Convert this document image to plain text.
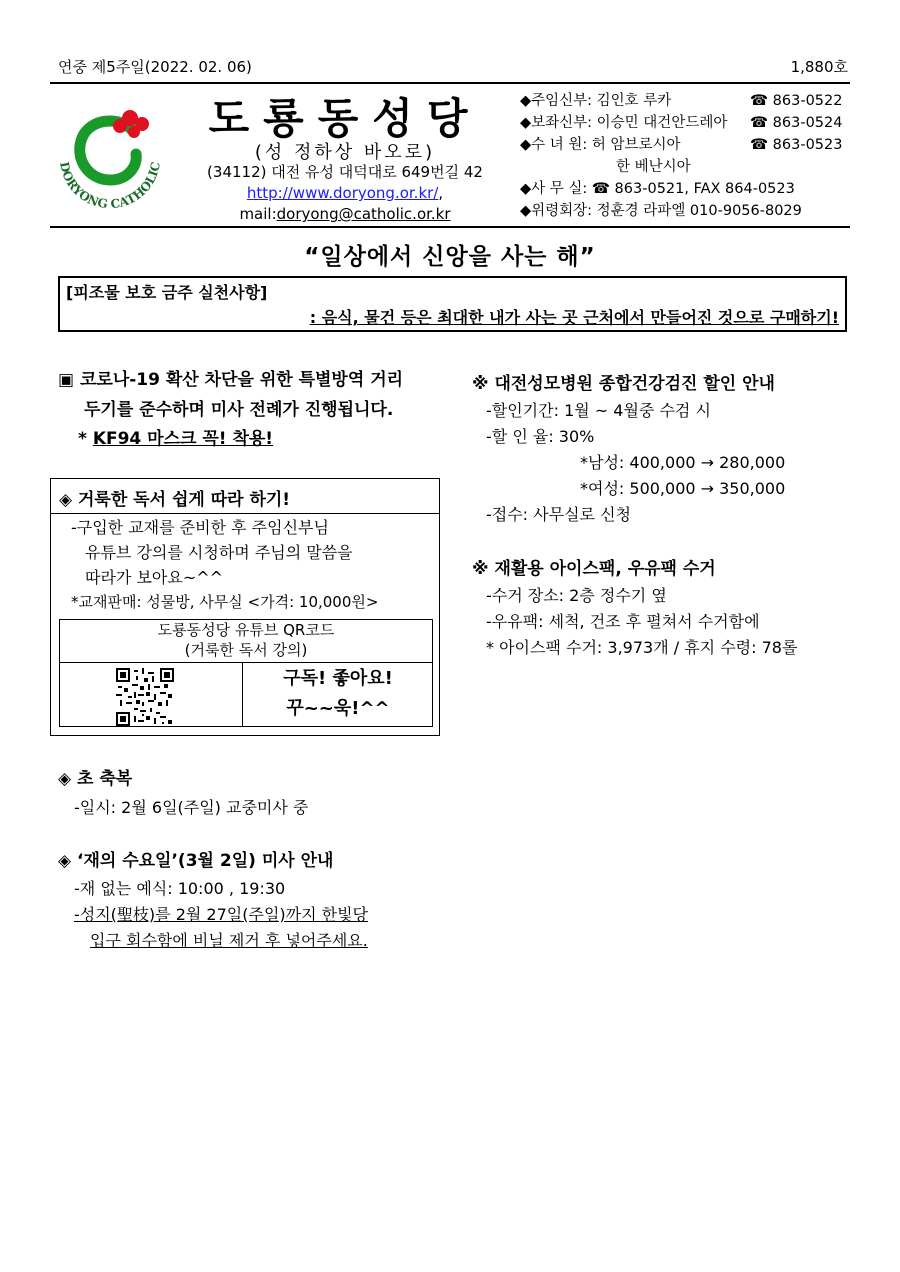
연중 제5주일(2022. 02. 06)	1,880호
DORYONG CATHOLIC
도룡동성당
(성 정하상 바오로)
(34112) 대전 유성 대덕대로 649번길 42
http://www.doryong.or.kr/,
mail:doryong@catholic.or.kr
◆주임신부: 김인호 루카	☎ 863-0522
◆보좌신부: 이승민 대건안드레아 ☎ 863-0524
◆수 녀 원: 허 암브로시아	☎ 863-0523
한 베난시아
◆사 무 실: ☎ 863-0521, FAX 864-0523
◆위령회장: 정훈경 라파엘 010-9056-8029
“일상에서 신앙을 사는 해”
[피조물 보호 금주 실천사항]
: 음식, 물건 등은 최대한 내가 사는 곳 근처에서 만들어진 것으로 구매하기!
▣ 코로나-19 확산 차단을 위한 특별방역 거리
두기를 준수하며 미사 전례가 진행됩니다.
* KF94 마스크 꼭! 착용!
◈ 거룩한 독서 쉽게 따라 하기!
-구입한 교재를 준비한 후 주임신부님
유튜브 강의를 시청하며 주님의 말씀을
따라가 보아요~^^
*교재판매: 성물방, 사무실 <가격: 10,000원>
도룡동성당 유튜브 QR코드
(거룩한 독서 강의)
구독! 좋아요!
꾸~~욱!^^
◈ 초 축복
-일시: 2월 6일(주일) 교중미사 중
◈ ‘재의 수요일’(3월 2일) 미사 안내
-재 없는 예식: 10:00 , 19:30
-성지(聖枝)를 2월 27일(주일)까지 한빛당
입구 회수함에 비닐 제거 후 넣어주세요.
※ 대전성모병원 종합건강검진 할인 안내
-할인기간: 1월 ~ 4월중 수검 시
-할 인 율: 30%
*남성: 400,000 → 280,000
*여성: 500,000 → 350,000
-접수: 사무실로 신청
※ 재활용 아이스팩, 우유팩 수거
-수거 장소: 2층 정수기 옆
-우유팩: 세척, 건조 후 펼쳐서 수거함에
* 아이스팩 수거: 3,973개 / 휴지 수령: 78롤
